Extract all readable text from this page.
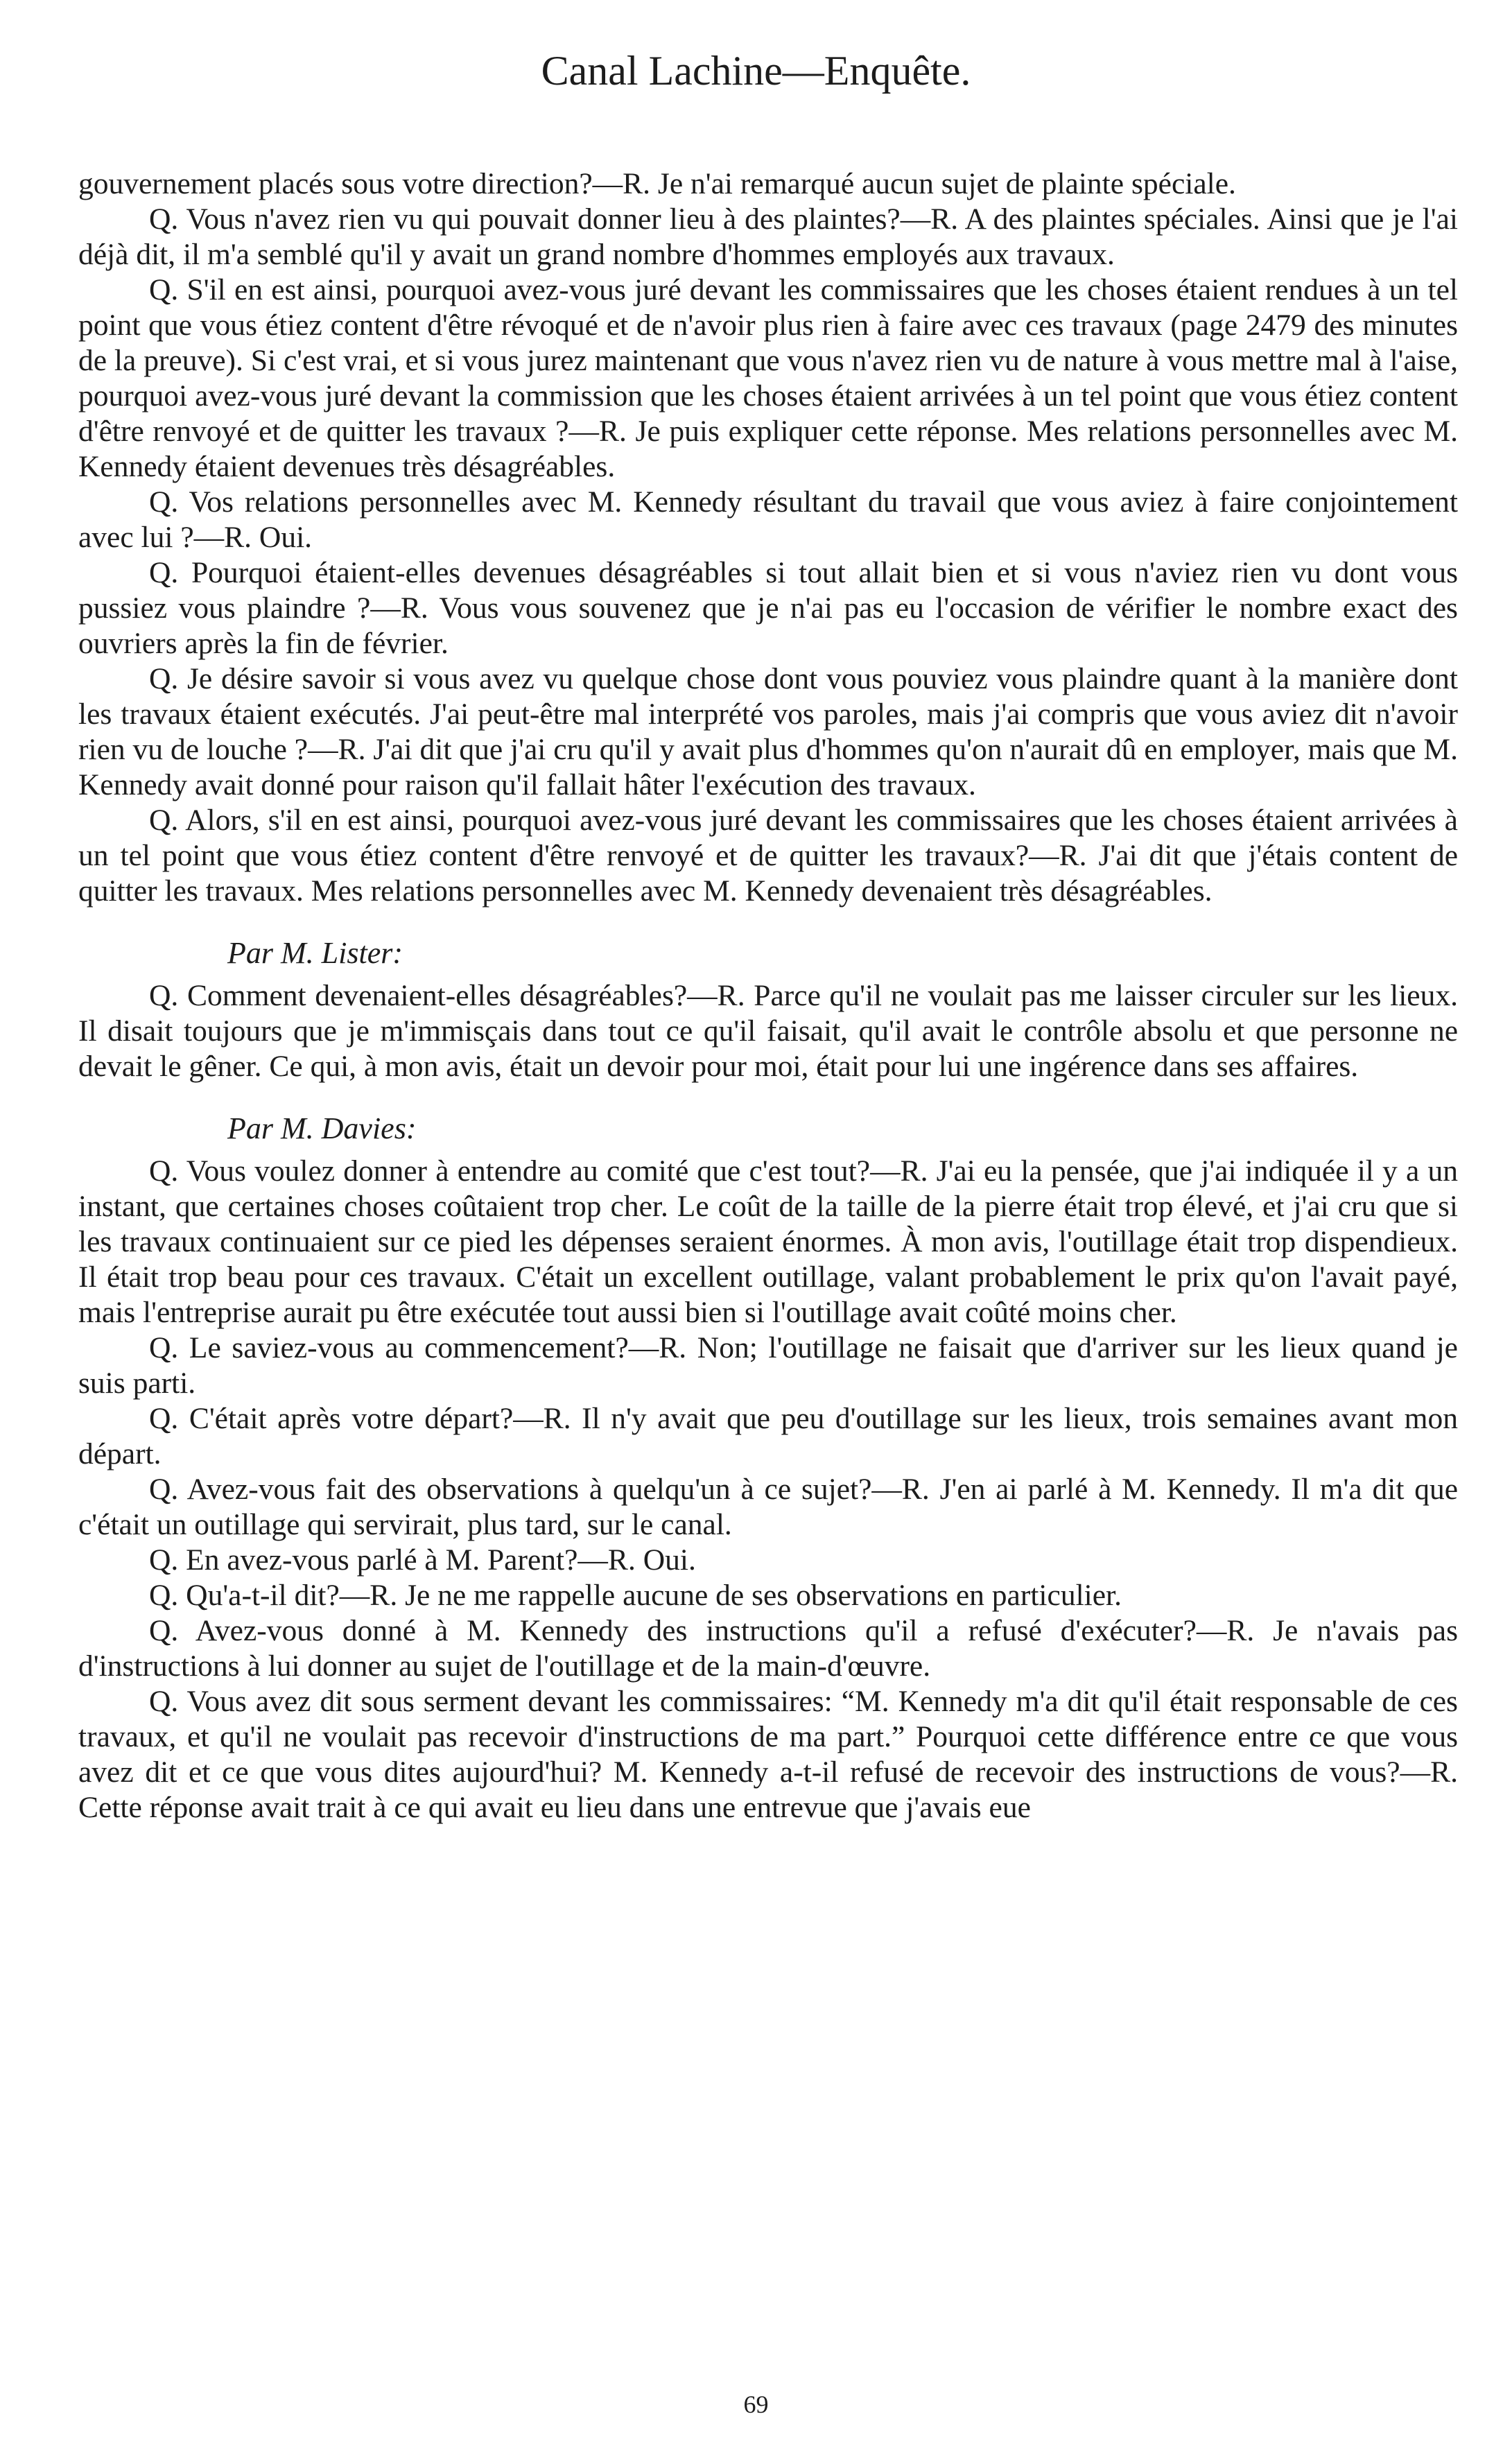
Canal Lachine—Enquête.

gouvernement placés sous votre direction?—R. Je n'ai remarqué aucun sujet de plainte spéciale.

Q. Vous n'avez rien vu qui pouvait donner lieu à des plaintes?—R. A des plaintes spéciales. Ainsi que je l'ai déjà dit, il m'a semblé qu'il y avait un grand nombre d'hommes employés aux travaux.

Q. S'il en est ainsi, pourquoi avez-vous juré devant les commissaires que les choses étaient rendues à un tel point que vous étiez content d'être révoqué et de n'avoir plus rien à faire avec ces travaux (page 2479 des minutes de la preuve). Si c'est vrai, et si vous jurez maintenant que vous n'avez rien vu de nature à vous mettre mal à l'aise, pourquoi avez-vous juré devant la commission que les choses étaient arrivées à un tel point que vous étiez content d'être renvoyé et de quitter les travaux ?—R. Je puis expliquer cette réponse. Mes relations personnelles avec M. Kennedy étaient devenues très désagréables.

Q. Vos relations personnelles avec M. Kennedy résultant du travail que vous aviez à faire conjointement avec lui ?—R. Oui.

Q. Pourquoi étaient-elles devenues désagréables si tout allait bien et si vous n'aviez rien vu dont vous pussiez vous plaindre ?—R. Vous vous souvenez que je n'ai pas eu l'occasion de vérifier le nombre exact des ouvriers après la fin de février.

Q. Je désire savoir si vous avez vu quelque chose dont vous pouviez vous plaindre quant à la manière dont les travaux étaient exécutés. J'ai peut-être mal interprété vos paroles, mais j'ai compris que vous aviez dit n'avoir rien vu de louche ?—R. J'ai dit que j'ai cru qu'il y avait plus d'hommes qu'on n'aurait dû en employer, mais que M. Kennedy avait donné pour raison qu'il fallait hâter l'exécution des travaux.

Q. Alors, s'il en est ainsi, pourquoi avez-vous juré devant les commissaires que les choses étaient arrivées à un tel point que vous étiez content d'être renvoyé et de quitter les travaux?—R. J'ai dit que j'étais content de quitter les travaux. Mes relations personnelles avec M. Kennedy devenaient très désagréables.

Par M. Lister:

Q. Comment devenaient-elles désagréables?—R. Parce qu'il ne voulait pas me laisser circuler sur les lieux. Il disait toujours que je m'immisçais dans tout ce qu'il faisait, qu'il avait le contrôle absolu et que personne ne devait le gêner. Ce qui, à mon avis, était un devoir pour moi, était pour lui une ingérence dans ses affaires.

Par M. Davies:

Q. Vous voulez donner à entendre au comité que c'est tout?—R. J'ai eu la pensée, que j'ai indiquée il y a un instant, que certaines choses coûtaient trop cher. Le coût de la taille de la pierre était trop élevé, et j'ai cru que si les travaux continuaient sur ce pied les dépenses seraient énormes. À mon avis, l'outillage était trop dispendieux. Il était trop beau pour ces travaux. C'était un excellent outillage, valant probablement le prix qu'on l'avait payé, mais l'entreprise aurait pu être exécutée tout aussi bien si l'outillage avait coûté moins cher.

Q. Le saviez-vous au commencement?—R. Non; l'outillage ne faisait que d'arriver sur les lieux quand je suis parti.

Q. C'était après votre départ?—R. Il n'y avait que peu d'outillage sur les lieux, trois semaines avant mon départ.

Q. Avez-vous fait des observations à quelqu'un à ce sujet?—R. J'en ai parlé à M. Kennedy. Il m'a dit que c'était un outillage qui servirait, plus tard, sur le canal.

Q. En avez-vous parlé à M. Parent?—R. Oui.

Q. Qu'a-t-il dit?—R. Je ne me rappelle aucune de ses observations en particulier.

Q. Avez-vous donné à M. Kennedy des instructions qu'il a refusé d'exécuter?—R. Je n'avais pas d'instructions à lui donner au sujet de l'outillage et de la main-d'œuvre.

Q. Vous avez dit sous serment devant les commissaires: “M. Kennedy m'a dit qu'il était responsable de ces travaux, et qu'il ne voulait pas recevoir d'instructions de ma part.” Pourquoi cette différence entre ce que vous avez dit et ce que vous dites aujourd'hui? M. Kennedy a-t-il refusé de recevoir des instructions de vous?—R. Cette réponse avait trait à ce qui avait eu lieu dans une entrevue que j'avais eue

69
